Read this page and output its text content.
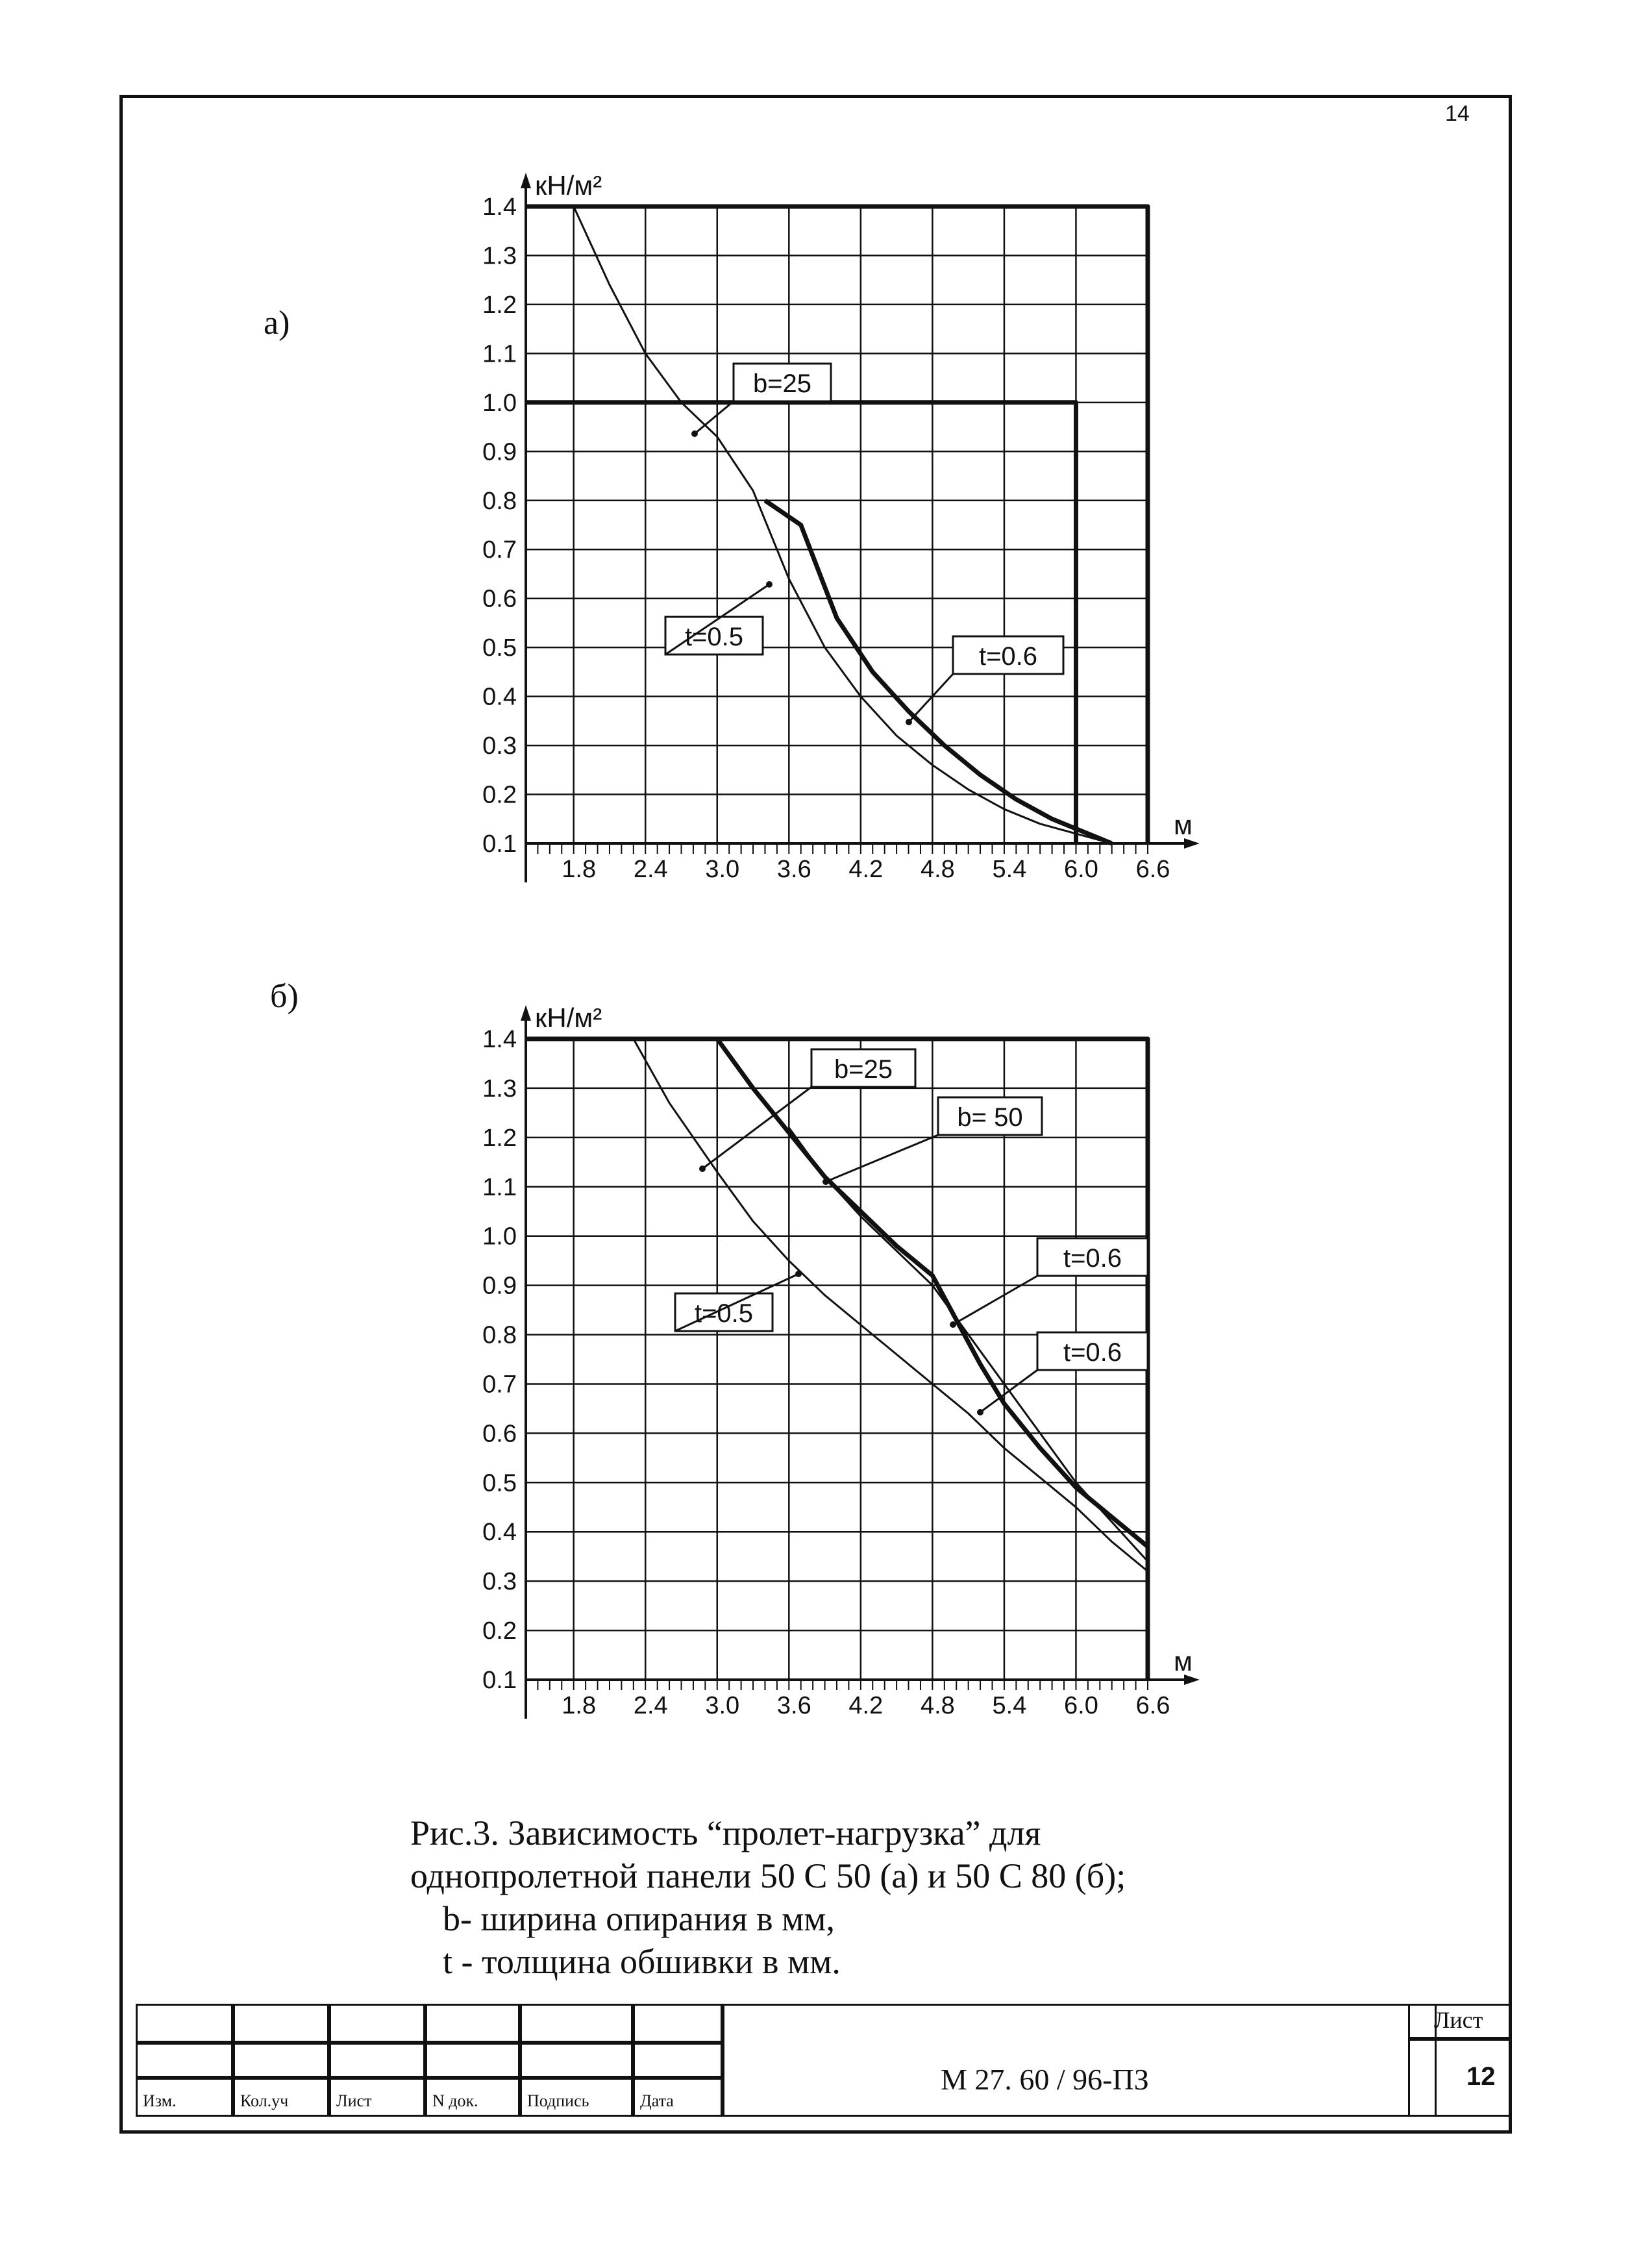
14
а)
б)
0.1
0.2
0.3
0.4
0.5
0.6
0.7
0.8
0.9
1.0
1.1
1.2
1.3
1.4
1.8 2.4 3.0 3.6 4.2 4.8 5.4 6.0 6.6
кН/м²
м
b=25
t=0.5
t=0.6
0.1
0.2
0.3
0.4
0.5
0.6
0.7
0.8
0.9
1.0
1.1
1.2
1.3
1.4
1.8 2.4 3.0 3.6 4.2 4.8 5.4 6.0 6.6
кН/м²
м
b=25
b= 50
t=0.5
t=0.6
t=0.6
Рис.3. Зависимость “пролет-нагрузка” для
однопролетной панели 50 С 50 (а) и 50 С 80 (б);
b- ширина опирания в мм,
t - толщина обшивки в мм.
Изм.	Кол.уч	Лист	N док.	Подпись	Дата
М 27. 60 / 96-ПЗ
Лист
12
